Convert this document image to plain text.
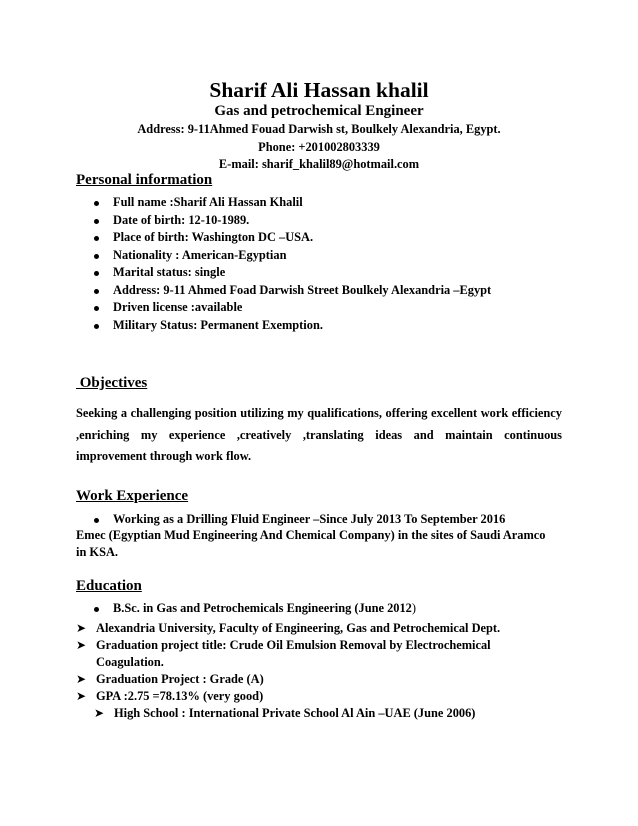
Sharif Ali Hassan khalil
Gas and petrochemical Engineer
Address: 9-11Ahmed Fouad Darwish st, Boulkely Alexandria, Egypt.
Phone: +201002803339
E-mail: sharif_khalil89@hotmail.com
Personal information
Full name :Sharif Ali Hassan Khalil
Date of birth: 12-10-1989.
Place of birth: Washington DC –USA.
Nationality : American-Egyptian
Marital status: single
Address: 9-11 Ahmed Foad Darwish Street Boulkely Alexandria –Egypt
Driven license :available
Military Status: Permanent Exemption.
Objectives
Seeking a challenging position utilizing my qualifications, offering excellent work efficiency ,enriching my experience ,creatively ,translating ideas and maintain continuous improvement through work flow.
Work Experience
Working as a Drilling Fluid Engineer –Since July 2013 To September 2016
Emec (Egyptian Mud Engineering And Chemical Company) in the sites of Saudi Aramco
in KSA.
Education
B.Sc. in Gas and Petrochemicals Engineering (June 2012)
➤ Alexandria University, Faculty of Engineering, Gas and Petrochemical Dept.
➤ Graduation project title: Crude Oil Emulsion Removal by Electrochemical
Coagulation.
➤ Graduation Project : Grade (A)
➤ GPA :2.75 =78.13% (very good)
➤ High School : International Private School Al Ain –UAE (June 2006)
